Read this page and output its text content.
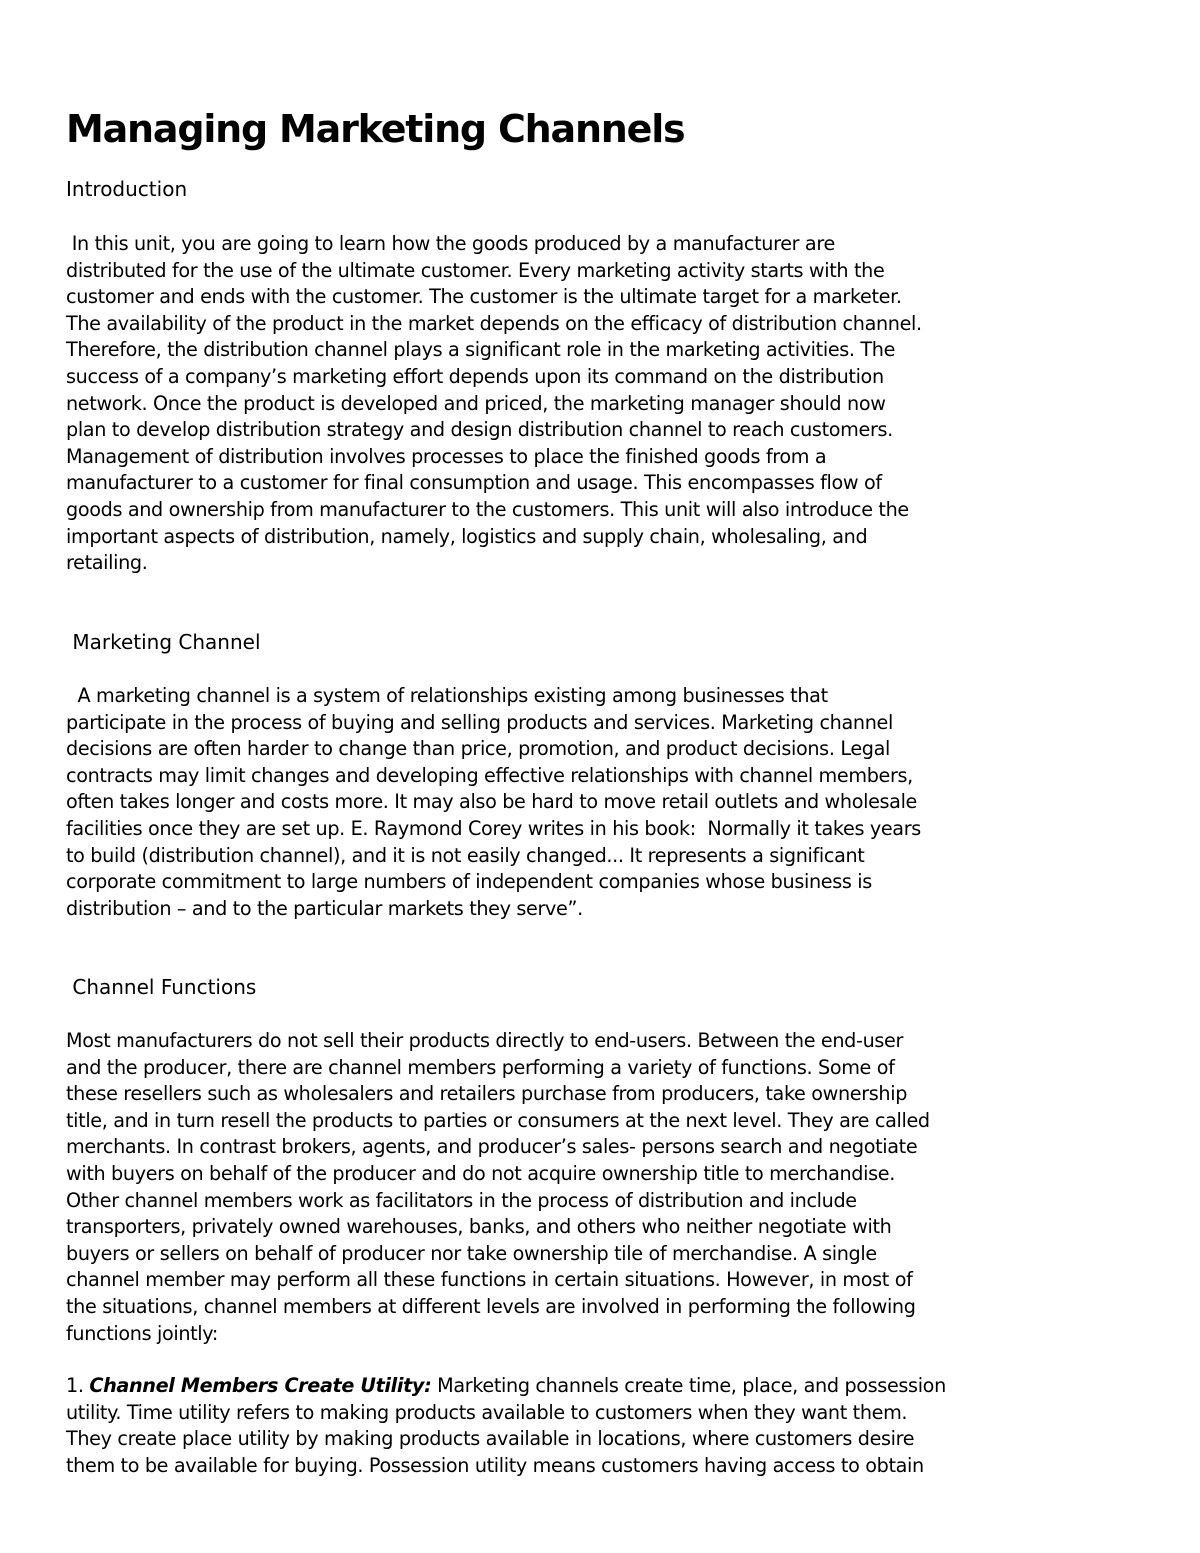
Managing Marketing Channels
Introduction
In this unit, you are going to learn how the goods produced by a manufacturer are
distributed for the use of the ultimate customer. Every marketing activity starts with the
customer and ends with the customer. The customer is the ultimate target for a marketer.
The availability of the product in the market depends on the efficacy of distribution channel.
Therefore, the distribution channel plays a significant role in the marketing activities. The
success of a company’s marketing effort depends upon its command on the distribution
network. Once the product is developed and priced, the marketing manager should now
plan to develop distribution strategy and design distribution channel to reach customers.
Management of distribution involves processes to place the finished goods from a
manufacturer to a customer for final consumption and usage. This encompasses flow of
goods and ownership from manufacturer to the customers. This unit will also introduce the
important aspects of distribution, namely, logistics and supply chain, wholesaling, and
retailing.
Marketing Channel
A marketing channel is a system of relationships existing among businesses that
participate in the process of buying and selling products and services. Marketing channel
decisions are often harder to change than price, promotion, and product decisions. Legal
contracts may limit changes and developing effective relationships with channel members,
often takes longer and costs more. It may also be hard to move retail outlets and wholesale
facilities once they are set up. E. Raymond Corey writes in his book:  Normally it takes years
to build (distribution channel), and it is not easily changed... It represents a significant
corporate commitment to large numbers of independent companies whose business is
distribution – and to the particular markets they serve”.
Channel Functions
Most manufacturers do not sell their products directly to end-users. Between the end-user
and the producer, there are channel members performing a variety of functions. Some of
these resellers such as wholesalers and retailers purchase from producers, take ownership
title, and in turn resell the products to parties or consumers at the next level. They are called
merchants. In contrast brokers, agents, and producer’s sales- persons search and negotiate
with buyers on behalf of the producer and do not acquire ownership title to merchandise.
Other channel members work as facilitators in the process of distribution and include
transporters, privately owned warehouses, banks, and others who neither negotiate with
buyers or sellers on behalf of producer nor take ownership tile of merchandise. A single
channel member may perform all these functions in certain situations. However, in most of
the situations, channel members at different levels are involved in performing the following
functions jointly:
1. Channel Members Create Utility: Marketing channels create time, place, and possession
utility. Time utility refers to making products available to customers when they want them.
They create place utility by making products available in locations, where customers desire
them to be available for buying. Possession utility means customers having access to obtain
